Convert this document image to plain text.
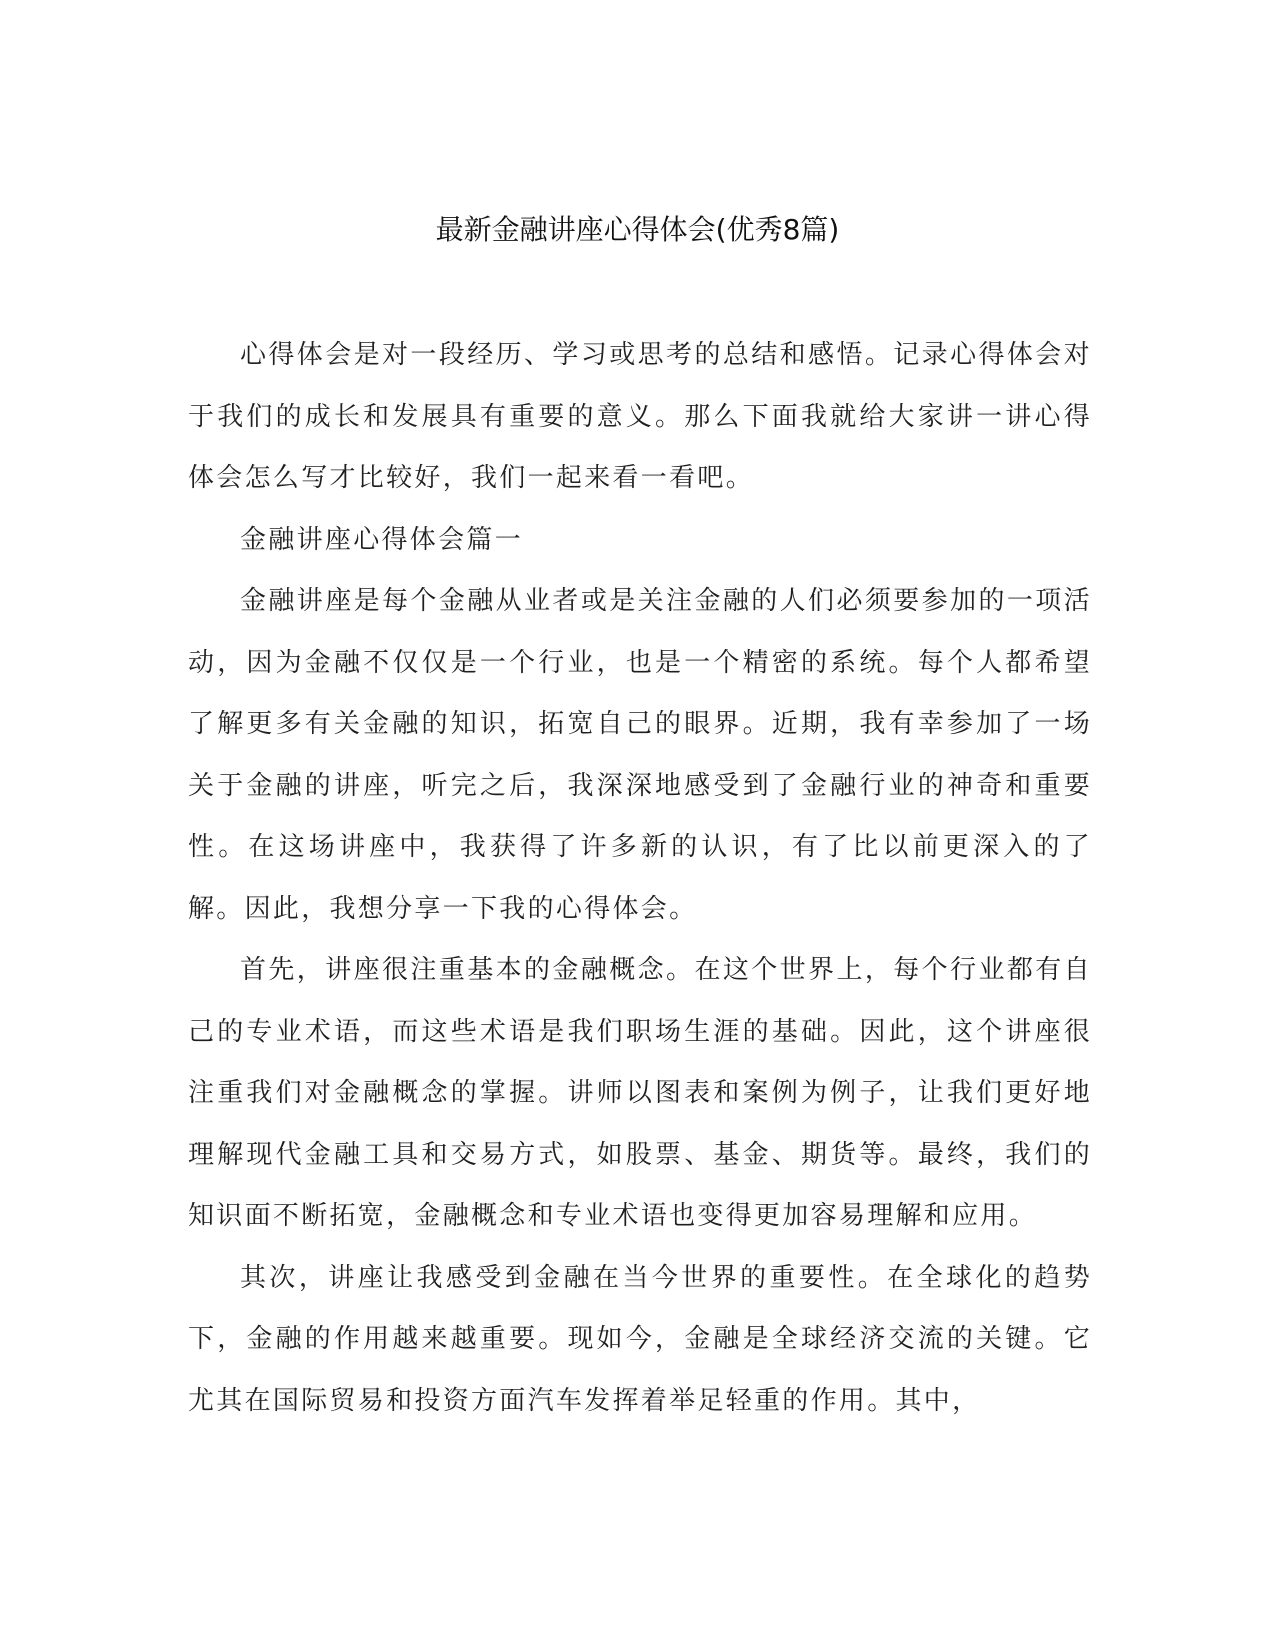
最新金融讲座心得体会(优秀8篇)

心得体会是对一段经历、学习或思考的总结和感悟。记录心得体会对于我们的成长和发展具有重要的意义。那么下面我就给大家讲一讲心得体会怎么写才比较好，我们一起来看一看吧。

金融讲座心得体会篇一

金融讲座是每个金融从业者或是关注金融的人们必须要参加的一项活动，因为金融不仅仅是一个行业，也是一个精密的系统。每个人都希望了解更多有关金融的知识，拓宽自己的眼界。近期，我有幸参加了一场关于金融的讲座，听完之后，我深深地感受到了金融行业的神奇和重要性。在这场讲座中，我获得了许多新的认识，有了比以前更深入的了解。因此，我想分享一下我的心得体会。

首先，讲座很注重基本的金融概念。在这个世界上，每个行业都有自己的专业术语，而这些术语是我们职场生涯的基础。因此，这个讲座很注重我们对金融概念的掌握。讲师以图表和案例为例子，让我们更好地理解现代金融工具和交易方式，如股票、基金、期货等。最终，我们的知识面不断拓宽，金融概念和专业术语也变得更加容易理解和应用。

其次，讲座让我感受到金融在当今世界的重要性。在全球化的趋势下，金融的作用越来越重要。现如今，金融是全球经济交流的关键。它尤其在国际贸易和投资方面汽车发挥着举足轻重的作用。其中，
